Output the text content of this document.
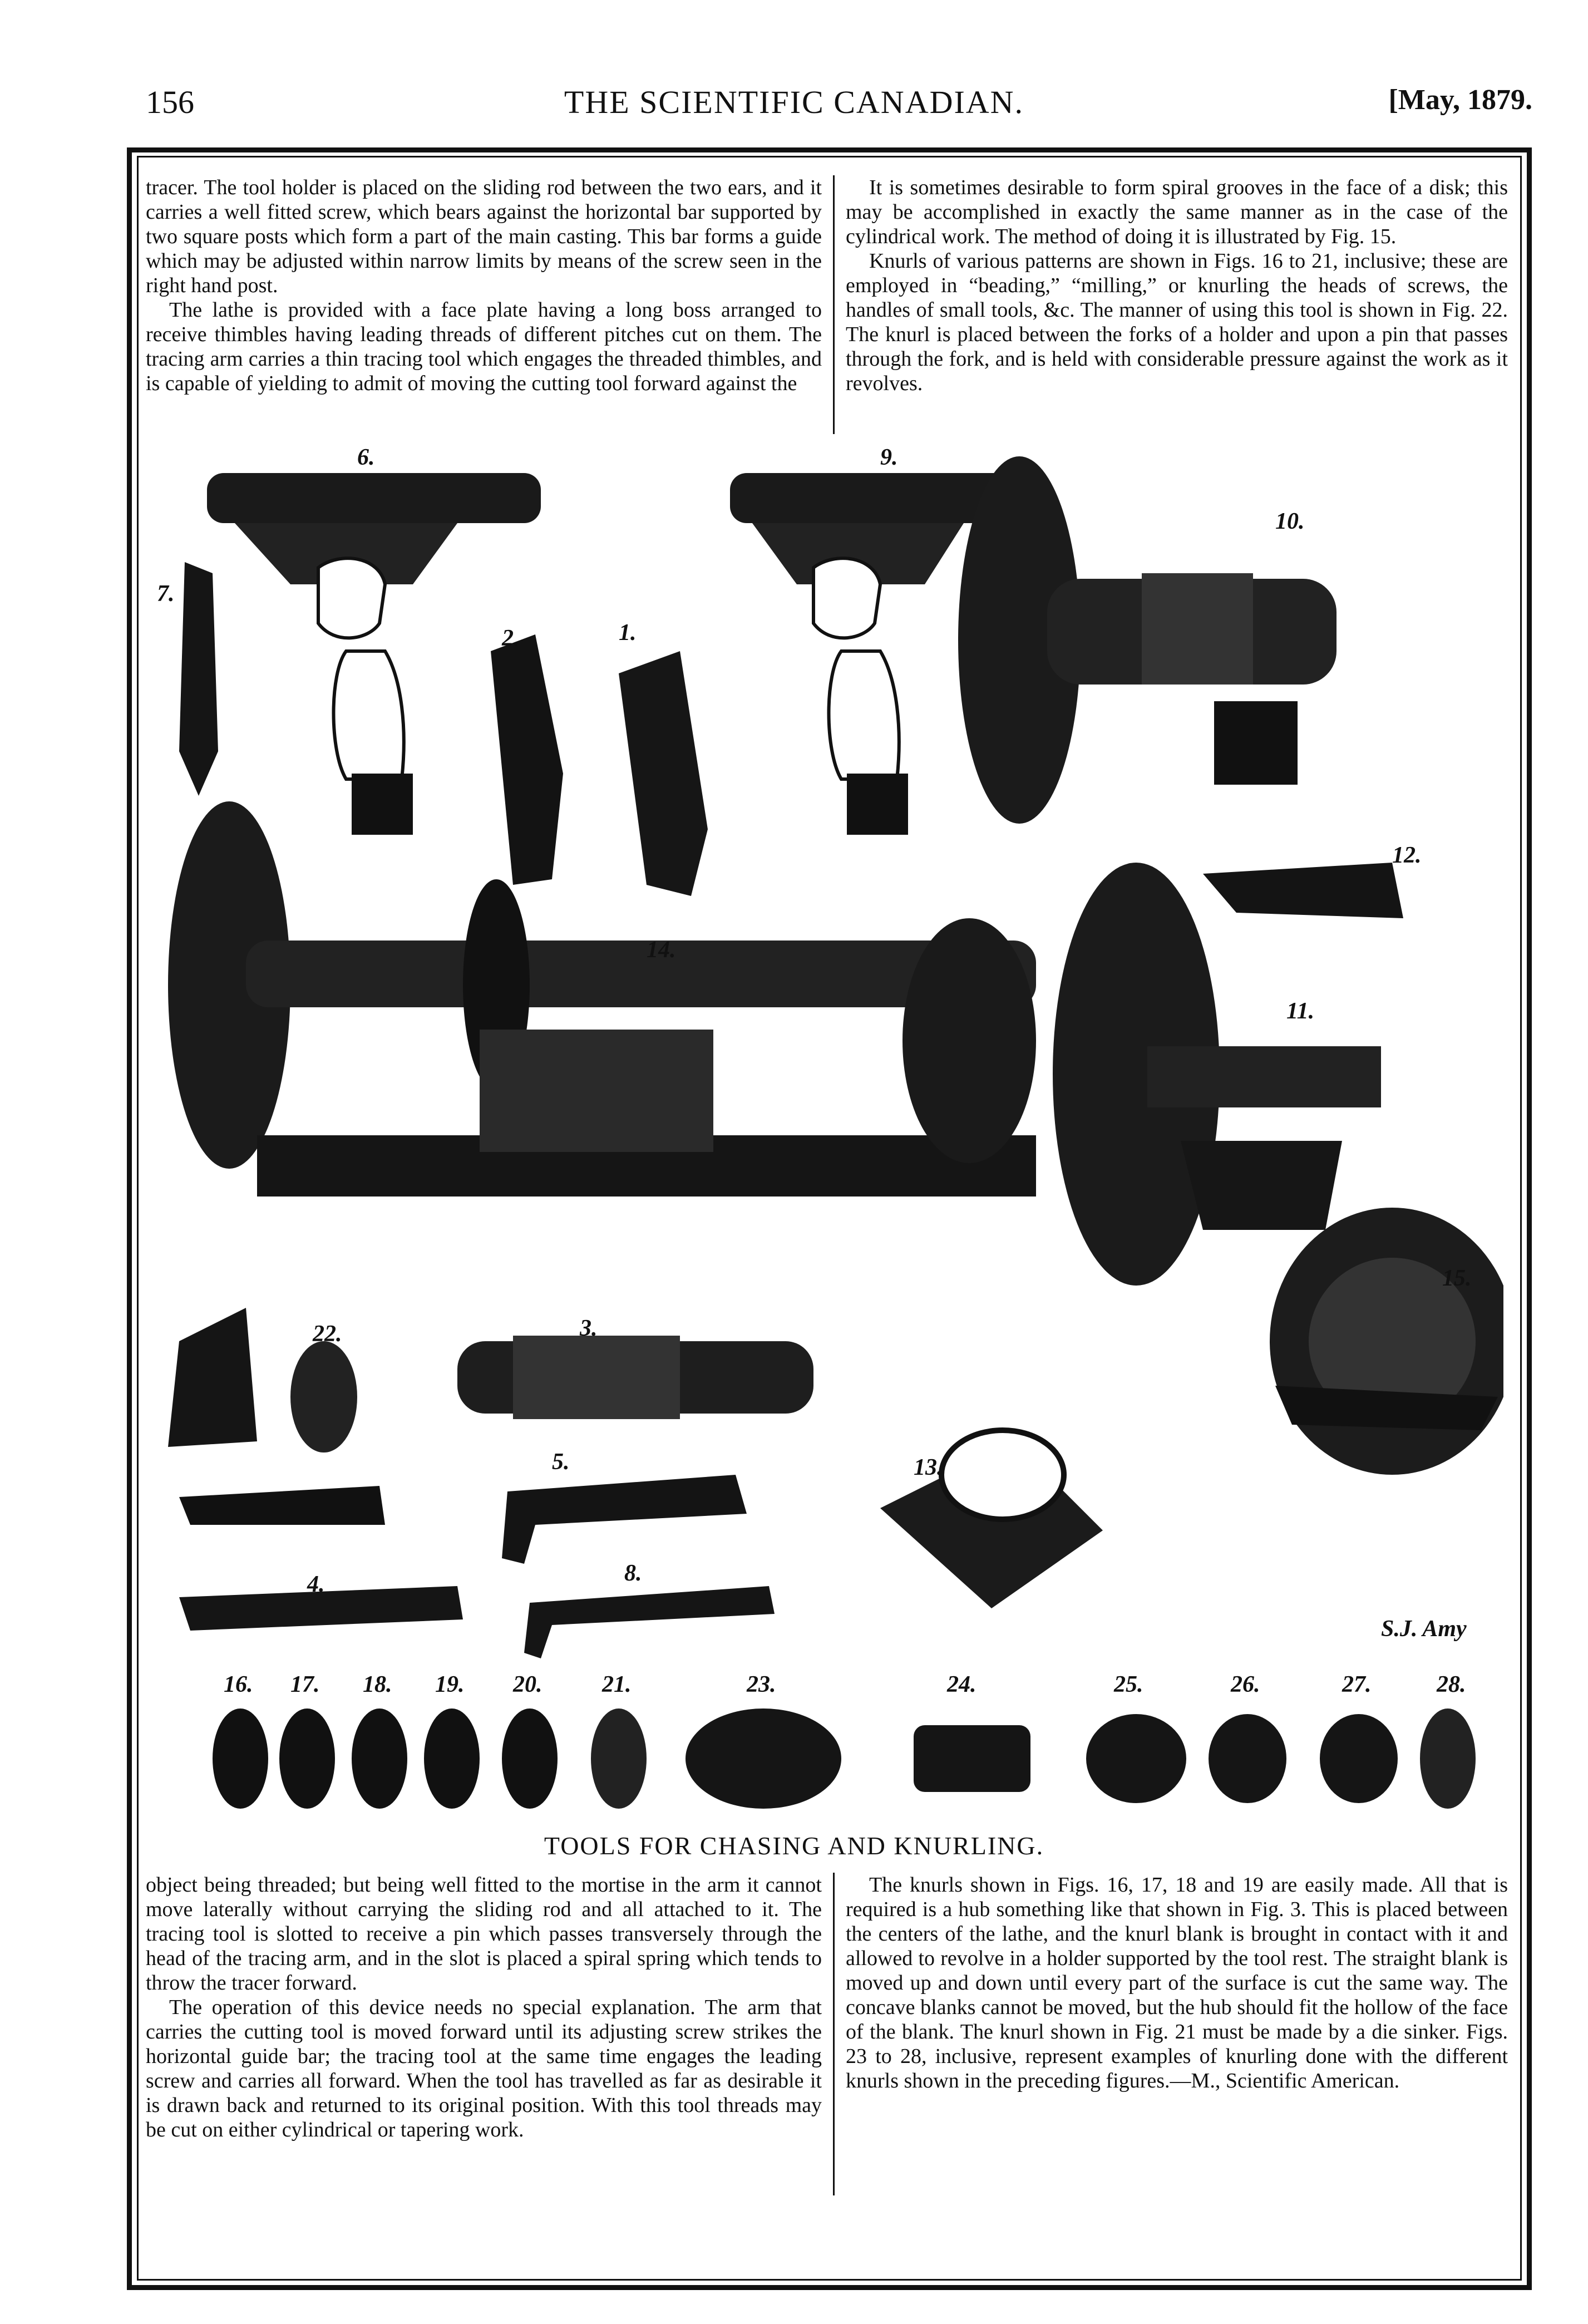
156	THE SCIENTIFIC CANADIAN.	[May, 1879.

tracer. The tool holder is placed on the sliding rod between the two ears, and it carries a well fitted screw, which bears against the horizontal bar supported by two square posts which form a part of the main casting. This bar forms a guide which may be adjusted within narrow limits by means of the screw seen in the right hand post.

The lathe is provided with a face plate having a long boss arranged to receive thimbles having leading threads of different pitches cut on them. The tracing arm carries a thin tracing tool which engages the threaded thimbles, and is capable of yielding to admit of moving the cutting tool forward against the

It is sometimes desirable to form spiral grooves in the face of a disk; this may be accomplished in exactly the same manner as in the case of the cylindrical work. The method of doing it is illustrated by Fig. 15.

Knurls of various patterns are shown in Figs. 16 to 21, inclusive; these are employed in “beading,” “milling,” or knurling the heads of screws, the handles of small tools, &c. The manner of using this tool is shown in Fig. 22. The knurl is placed between the forks of a holder and upon a pin that passes through the fork, and is held with considerable pressure against the work as it revolves.

6.	9.
7.
2.	1.
10.
12.
14.
11.
15.
22.	3.
5.	13.
4.	8.
S.J. Amy
16. 17. 18. 19. 20.	21.	23.	24.	25.	26.	27.	28.
TOOLS FOR CHASING AND KNURLING.

object being threaded; but being well fitted to the mortise in the arm it cannot move laterally without carrying the sliding rod and all attached to it. The tracing tool is slotted to receive a pin which passes transversely through the head of the tracing arm, and in the slot is placed a spiral spring which tends to throw the tracer forward.

The operation of this device needs no special explanation. The arm that carries the cutting tool is moved forward until its adjusting screw strikes the horizontal guide bar; the tracing tool at the same time engages the leading screw and carries all forward. When the tool has travelled as far as desirable it is drawn back and returned to its original position. With this tool threads may be cut on either cylindrical or tapering work.

The knurls shown in Figs. 16, 17, 18 and 19 are easily made. All that is required is a hub something like that shown in Fig. 3. This is placed between the centers of the lathe, and the knurl blank is brought in contact with it and allowed to revolve in a holder supported by the tool rest. The straight blank is moved up and down until every part of the surface is cut the same way. The concave blanks cannot be moved, but the hub should fit the hollow of the face of the blank. The knurl shown in Fig. 21 must be made by a die sinker. Figs. 23 to 28, inclusive, represent examples of knurling done with the different knurls shown in the preceding figures.—M., Scientific American.
